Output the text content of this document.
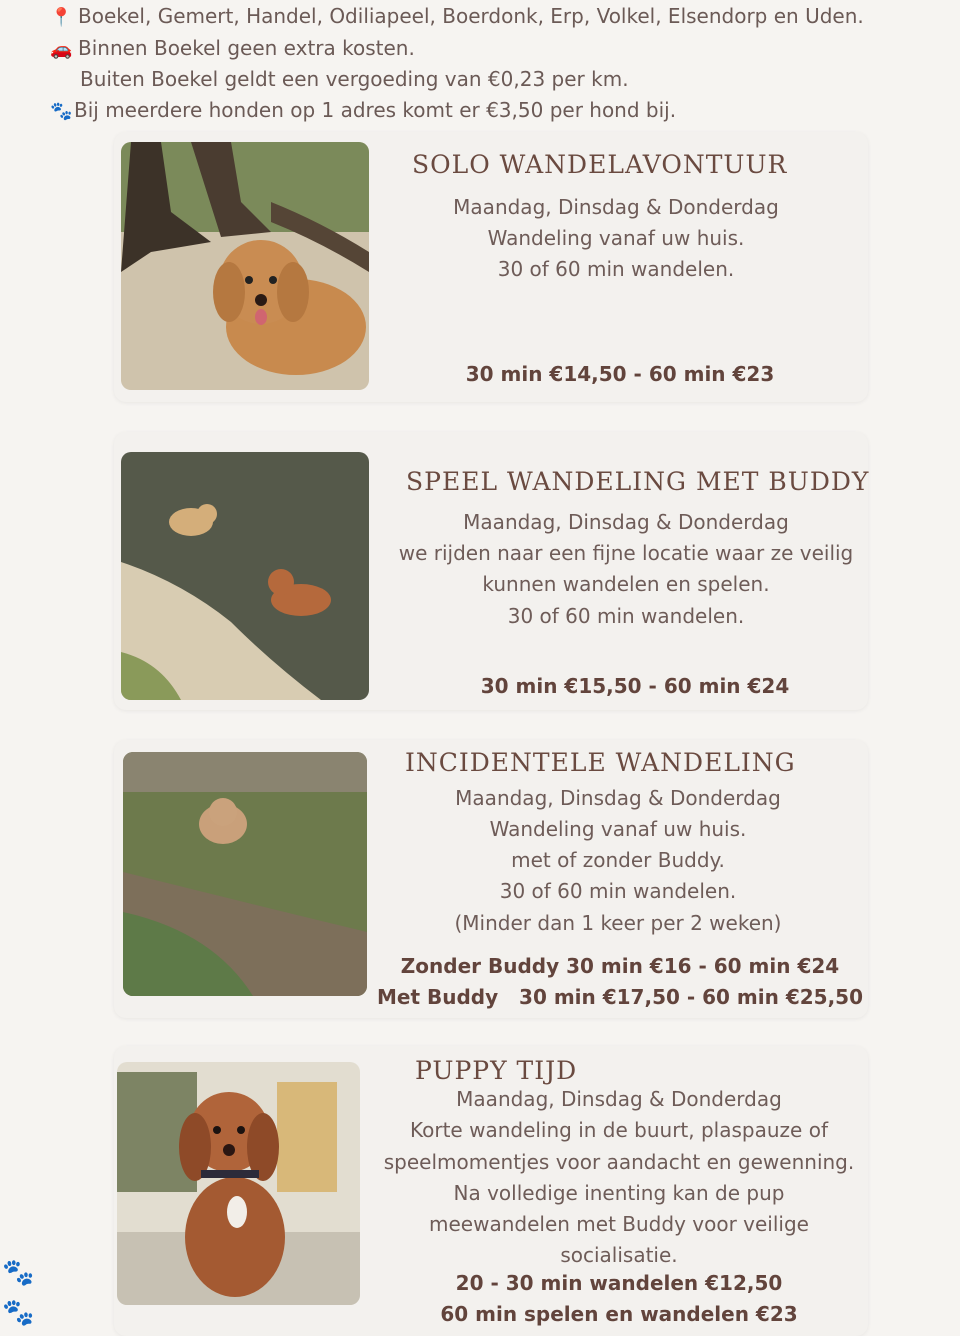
📍 Boekel, Gemert, Handel, Odiliapeel, Boerdonk, Erp, Volkel, Elsendorp en Uden.
🚗 Binnen Boekel geen extra kosten.
Buiten Boekel geldt een vergoeding van €0,23 per km.
🐾Bij meerdere honden op 1 adres komt er €3,50 per hond bij.
SOLO WANDELAVONTUUR
Maandag, Dinsdag & Donderdag
Wandeling vanaf uw huis.
30 of 60 min wandelen.
30 min €14,50 - 60 min €23
SPEEL WANDELING MET BUDDY
Maandag, Dinsdag & Donderdag
we rijden naar een fijne locatie waar ze veilig
kunnen wandelen en spelen.
30 of 60 min wandelen.
30 min €15,50 - 60 min €24
INCIDENTELE WANDELING
Maandag, Dinsdag & Donderdag
Wandeling vanaf uw huis.
met of zonder Buddy.
30 of 60 min wandelen.
(Minder dan 1 keer per 2 weken)
Zonder Buddy 30 min €16 - 60 min €24
Met Buddy   30 min €17,50 - 60 min €25,50
PUPPY TIJD
Maandag, Dinsdag & Donderdag
Korte wandeling in de buurt, plaspauze of
speelmomentjes voor aandacht en gewenning.
Na volledige inenting kan de pup
meewandelen met Buddy voor veilige
socialisatie.
20 - 30 min wandelen €12,50
60 min spelen en wandelen €23
🐾
🐾
